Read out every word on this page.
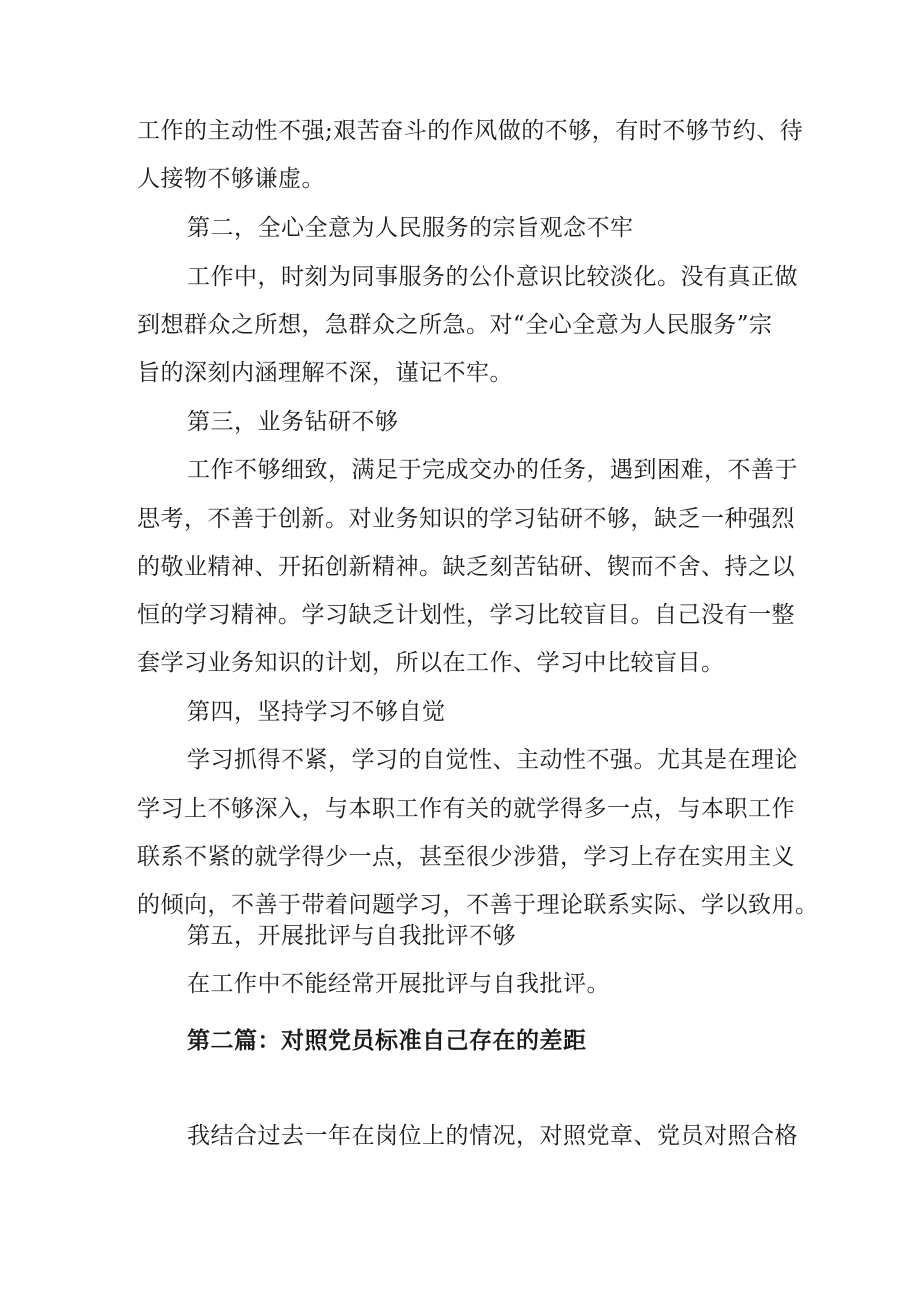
工作的主动性不强;艰苦奋斗的作风做的不够，有时不够节约、待
人接物不够谦虚。
第二，全心全意为人民服务的宗旨观念不牢
工作中，时刻为同事服务的公仆意识比较淡化。没有真正做
到想群众之所想，急群众之所急。对“全心全意为人民服务”宗
旨的深刻内涵理解不深，谨记不牢。
第三，业务钻研不够
工作不够细致，满足于完成交办的任务，遇到困难，不善于
思考，不善于创新。对业务知识的学习钻研不够，缺乏一种强烈
的敬业精神、开拓创新精神。缺乏刻苦钻研、锲而不舍、持之以
恒的学习精神。学习缺乏计划性，学习比较盲目。自己没有一整
套学习业务知识的计划，所以在工作、学习中比较盲目。
第四，坚持学习不够自觉
学习抓得不紧，学习的自觉性、主动性不强。尤其是在理论
学习上不够深入，与本职工作有关的就学得多一点，与本职工作
联系不紧的就学得少一点，甚至很少涉猎，学习上存在实用主义
的倾向，不善于带着问题学习，不善于理论联系实际、学以致用。
第五，开展批评与自我批评不够
在工作中不能经常开展批评与自我批评。
第二篇：对照党员标准自己存在的差距
我结合过去一年在岗位上的情况，对照党章、党员对照合格
